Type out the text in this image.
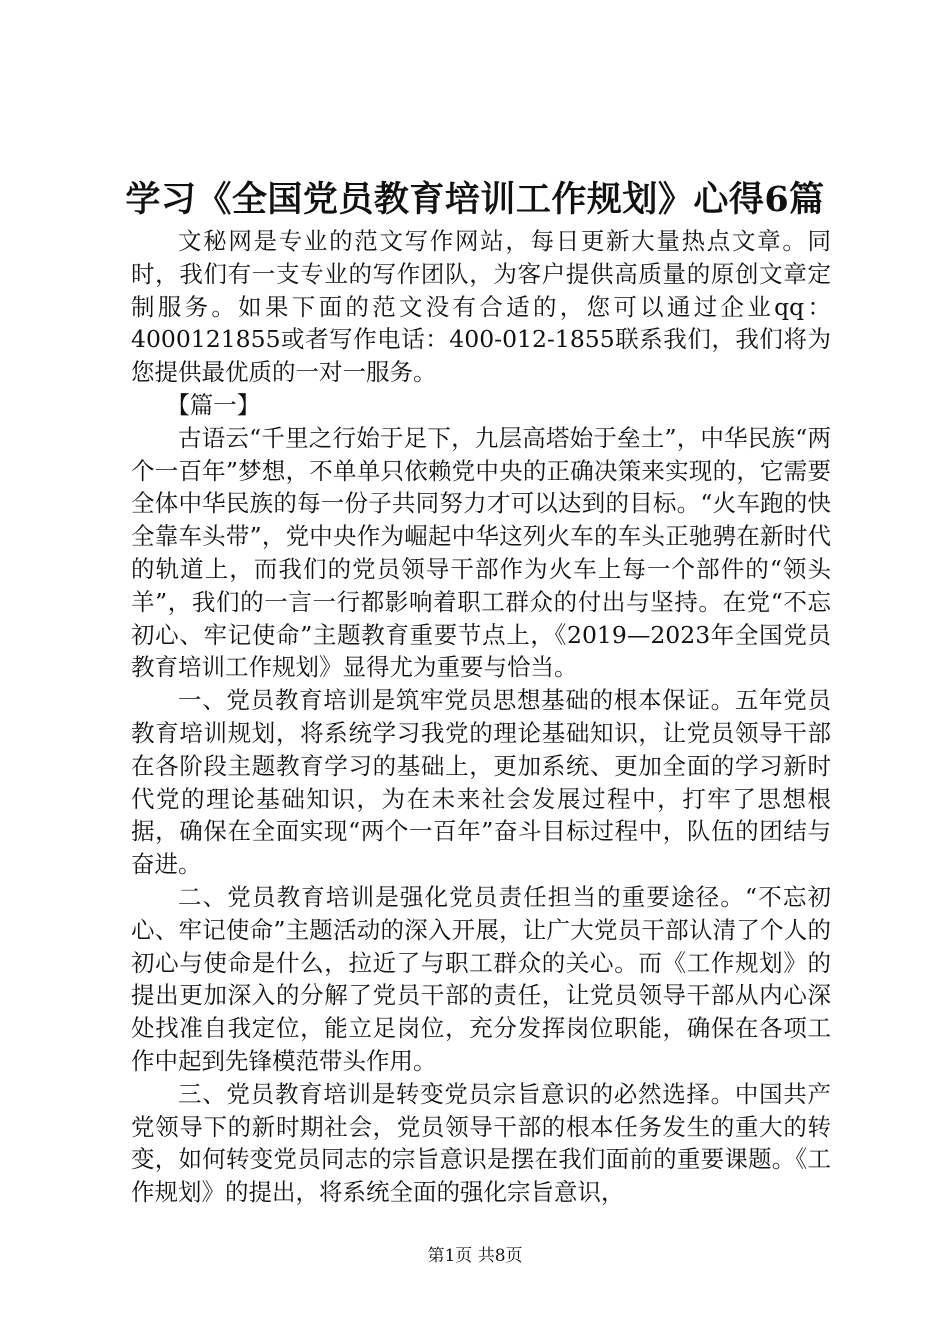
学习《全国党员教育培训工作规划》心得6篇

文秘网是专业的范文写作网站，每日更新大量热点文章。同时，我们有一支专业的写作团队，为客户提供高质量的原创文章定制服务。如果下面的范文没有合适的，您可以通过企业qq：4000121855或者写作电话：400-012-1855联系我们，我们将为您提供最优质的一对一服务。

【篇一】

古语云“千里之行始于足下，九层高塔始于垒土”，中华民族“两个一百年”梦想，不单单只依赖党中央的正确决策来实现的，它需要全体中华民族的每一份子共同努力才可以达到的目标。“火车跑的快全靠车头带”，党中央作为崛起中华这列火车的车头正驰骋在新时代的轨道上，而我们的党员领导干部作为火车上每一个部件的“领头羊”，我们的一言一行都影响着职工群众的付出与坚持。在党“不忘初心、牢记使命”主题教育重要节点上，《2019—2023年全国党员教育培训工作规划》显得尤为重要与恰当。

一、党员教育培训是筑牢党员思想基础的根本保证。五年党员教育培训规划，将系统学习我党的理论基础知识，让党员领导干部在各阶段主题教育学习的基础上，更加系统、更加全面的学习新时代党的理论基础知识，为在未来社会发展过程中，打牢了思想根据，确保在全面实现“两个一百年”奋斗目标过程中，队伍的团结与奋进。

二、党员教育培训是强化党员责任担当的重要途径。“不忘初心、牢记使命”主题活动的深入开展，让广大党员干部认清了个人的初心与使命是什么，拉近了与职工群众的关心。而《工作规划》的提出更加深入的分解了党员干部的责任，让党员领导干部从内心深处找准自我定位，能立足岗位，充分发挥岗位职能，确保在各项工作中起到先锋模范带头作用。

三、党员教育培训是转变党员宗旨意识的必然选择。中国共产党领导下的新时期社会，党员领导干部的根本任务发生的重大的转变，如何转变党员同志的宗旨意识是摆在我们面前的重要课题。《工作规划》的提出，将系统全面的强化宗旨意识，

第1页 共8页
